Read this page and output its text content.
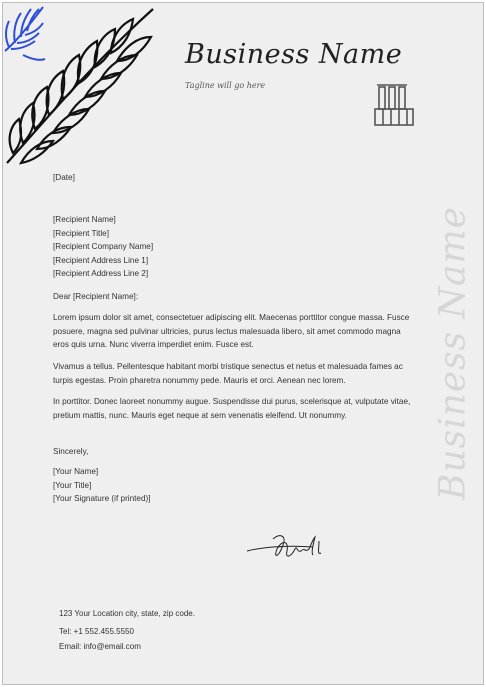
Business Name
Tagline will go here
[Date]
[Recipient Name]
[Recipient Title]
[Recipient Company Name]
[Recipient Address Line 1]
[Recipient Address Line 2]
Dear [Recipient Name]:
Lorem ipsum dolor sit amet, consectetuer adipiscing elit. Maecenas porttitor congue massa. Fusce posuere, magna sed pulvinar ultricies, purus lectus malesuada libero, sit amet commodo magna eros quis urna. Nunc viverra imperdiet enim. Fusce est.
Vivamus a tellus. Pellentesque habitant morbi tristique senectus et netus et malesuada fames ac turpis egestas. Proin pharetra nonummy pede. Mauris et orci. Aenean nec lorem.
In porttitor. Donec laoreet nonummy augue. Suspendisse dui purus, scelerisque at, vulputate vitae, pretium mattis, nunc. Mauris eget neque at sem venenatis eleifend. Ut nonummy.
Sincerely,
[Your Name]
[Your Title]
[Your Signature (if printed)]	Business Name
123 Your Location city, state, zip code.
Tel: +1 552.455.5550
Email: info@email.com
